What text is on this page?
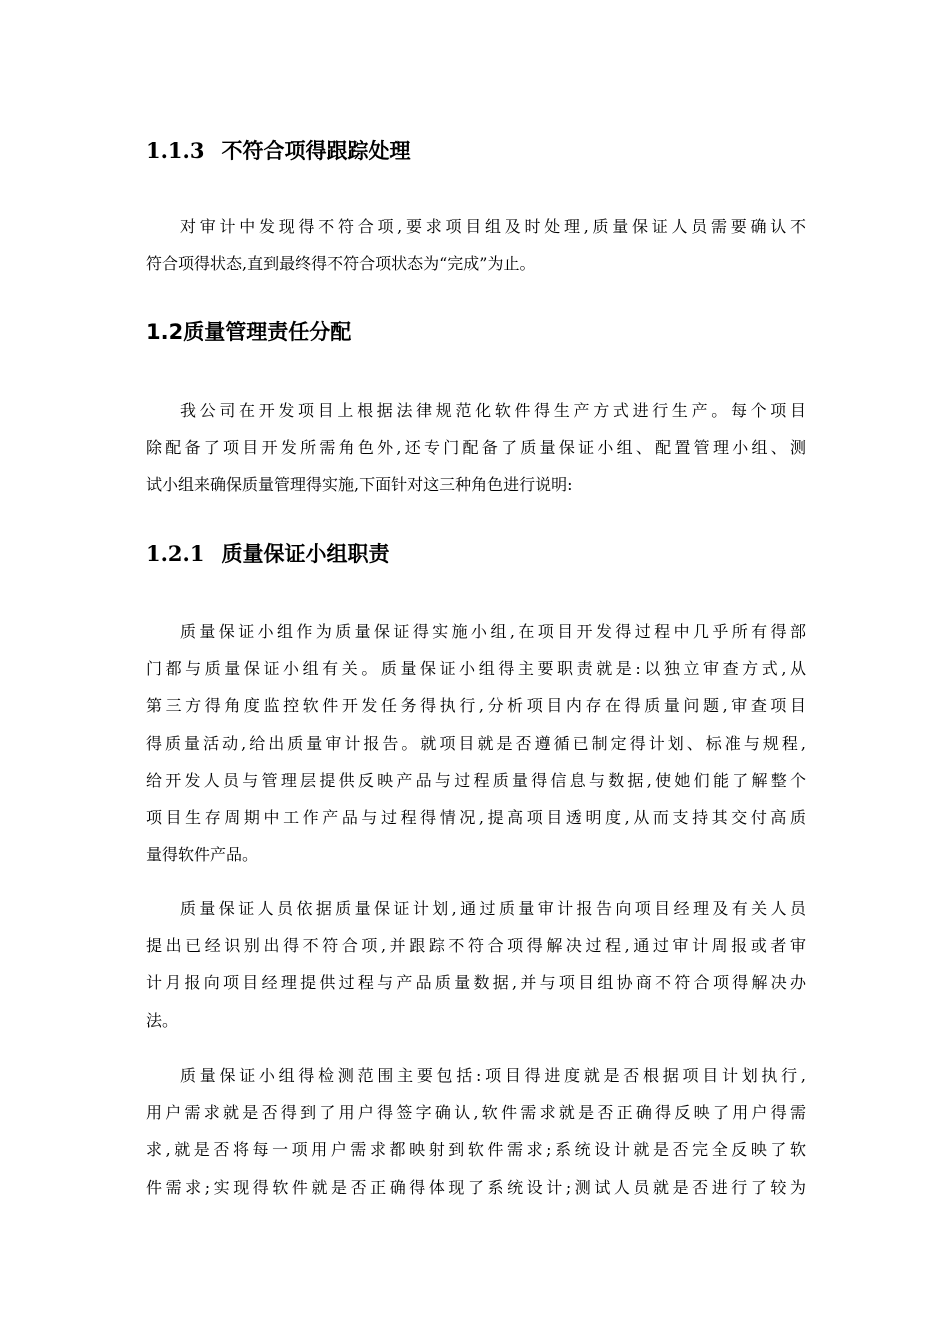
1.1.3 不符合项得跟踪处理
对审计中发现得不符合项,要求项目组及时处理,质量保证人员需要确认不
符合项得状态,直到最终得不符合项状态为“完成”为止。
1.2质量管理责任分配
我公司在开发项目上根据法律规范化软件得生产方式进行生产。每个项目
除配备了项目开发所需角色外,还专门配备了质量保证小组、配置管理小组、测
试小组来确保质量管理得实施,下面针对这三种角色进行说明:
1.2.1 质量保证小组职责
质量保证小组作为质量保证得实施小组,在项目开发得过程中几乎所有得部
门都与质量保证小组有关。质量保证小组得主要职责就是:以独立审查方式,从
第三方得角度监控软件开发任务得执行,分析项目内存在得质量问题,审查项目
得质量活动,给出质量审计报告。就项目就是否遵循已制定得计划、标准与规程,
给开发人员与管理层提供反映产品与过程质量得信息与数据,使她们能了解整个
项目生存周期中工作产品与过程得情况,提高项目透明度,从而支持其交付高质
量得软件产品。
质量保证人员依据质量保证计划,通过质量审计报告向项目经理及有关人员
提出已经识别出得不符合项,并跟踪不符合项得解决过程,通过审计周报或者审
计月报向项目经理提供过程与产品质量数据,并与项目组协商不符合项得解决办
法。
质量保证小组得检测范围主要包括:项目得进度就是否根据项目计划执行,
用户需求就是否得到了用户得签字确认,软件需求就是否正确得反映了用户得需
求,就是否将每一项用户需求都映射到软件需求;系统设计就是否完全反映了软
件需求;实现得软件就是否正确得体现了系统设计;测试人员就是否进行了较为
